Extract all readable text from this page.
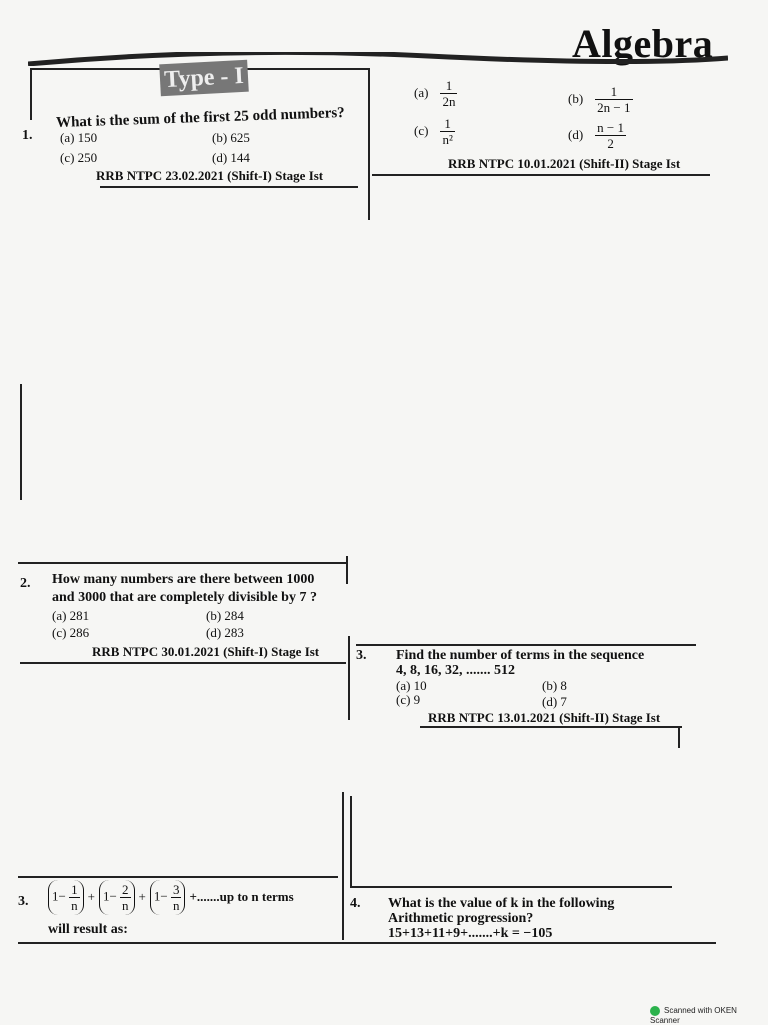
Algebra
Type - I
1.
What is the sum of the first 25 odd numbers?
(a) 150	(b) 625
(c) 250	(d) 144
RRB NTPC 23.02.2021 (Shift-I) Stage Ist
$(a) \frac{1}{2n}$	$(b) \frac{1}{2n - 1}$
$(c) \frac{1}{\text{n²}}$	$(d) \frac{n - 1}{2}$
RRB NTPC 10.01.2021 (Shift-II) Stage Ist
2. How many numbers are there between 1000
and 3000 that are completely divisible by 7 ?
(a) 281	(b) 284
(c) 286	(d) 283
RRB NTPC 30.01.2021 (Shift-I) Stage Ist	3. Find the number of terms in the sequence
4, 8, 16, 32, ....... 512
(a) 10	(b) 8
(c) 9	(d) 7
RRB NTPC 13.01.2021 (Shift-II) Stage Ist
3.	$1- \frac{1}{n} + 1- \frac{2}{n} + 1- \frac{3}{n} +.......up$ to n terms
will result as:
4. What is the value of k in the following
Arithmetic progression?
15+13+11+9+.......+k = −105
Scanned with OKEN Scanner
